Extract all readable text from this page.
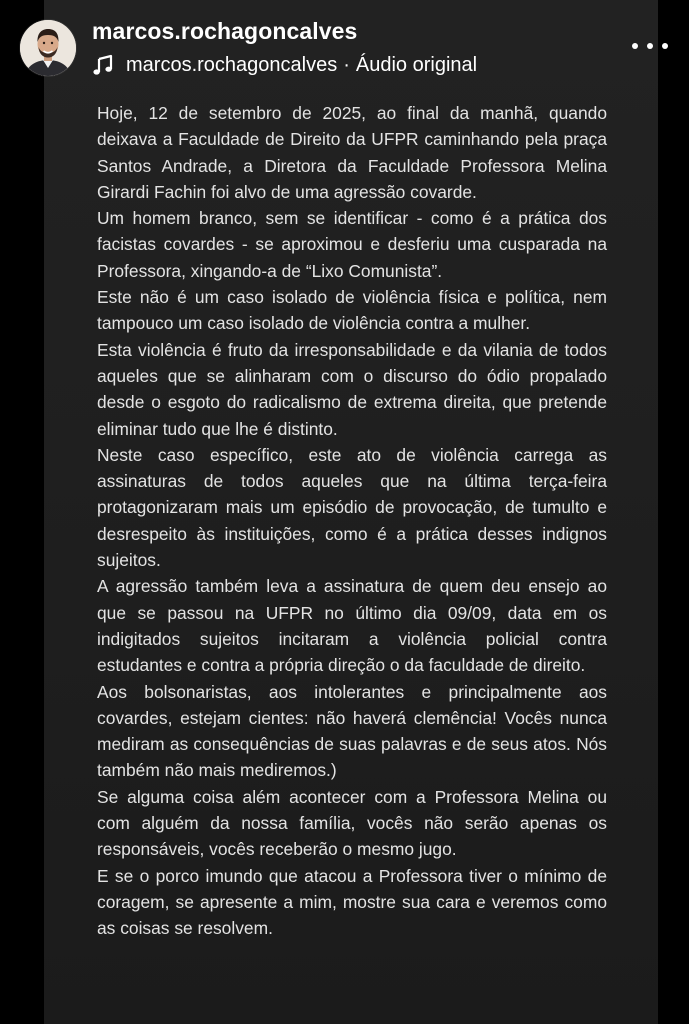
marcos.rochagoncalves
marcos.rochagoncalves · Áudio original

Hoje, 12 de setembro de 2025, ao final da manhã, quando deixava a Faculdade de Direito da UFPR caminhando pela praça Santos Andrade, a Diretora da Faculdade Professora Melina Girardi Fachin foi alvo de uma agressão covarde.

Um homem branco, sem se identificar - como é a prática dos facistas covardes - se aproximou e desferiu uma cusparada na Professora, xingando-a de “Lixo Comunista”.

Este não é um caso isolado de violência física e política, nem tampouco um caso isolado de violência contra a mulher.

Esta violência é fruto da irresponsabilidade e da vilania de todos aqueles que se alinharam com o discurso do ódio propalado desde o esgoto do radicalismo de extrema direita, que pretende eliminar tudo que lhe é distinto.

Neste caso específico, este ato de violência carrega as assinaturas de todos aqueles que na última terça-feira protagonizaram mais um episódio de provocação, de tumulto e desrespeito às instituições, como é a prática desses indignos sujeitos.

A agressão também leva a assinatura de quem deu ensejo ao que se passou na UFPR no último dia 09/09, data em os indigitados sujeitos incitaram a violência policial contra estudantes e contra a própria direção o da faculdade de direito.

Aos bolsonaristas, aos intolerantes e principalmente aos covardes, estejam cientes: não haverá clemência! Vocês nunca mediram as consequências de suas palavras e de seus atos. Nós também não mais mediremos.)

Se alguma coisa além acontecer com a Professora Melina ou com alguém da nossa família, vocês não serão apenas os responsáveis, vocês receberão o mesmo jugo.

E se o porco imundo que atacou a Professora tiver o mínimo de coragem, se apresente a mim, mostre sua cara e veremos como as coisas se resolvem.
